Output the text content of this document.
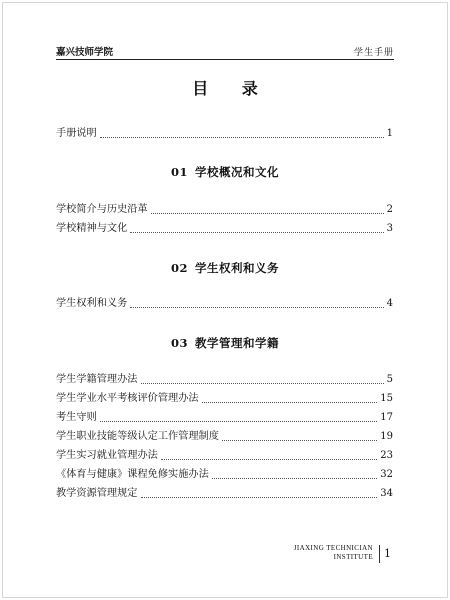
嘉兴技师学院	学生手册
目 录
手册说明	1
01 学校概况和文化
学校简介与历史沿革	2
学校精神与文化	3
02 学生权利和义务
学生权利和义务	4
03 教学管理和学籍
学生学籍管理办法	5
学生学业水平考核评价管理办法	15
考生守则	17
学生职业技能等级认定工作管理制度	19
学生实习就业管理办法	23
《体育与健康》课程免修实施办法	32
教学资源管理规定	34
JIAXING TECHNICIAN
INSTITUTE 1
